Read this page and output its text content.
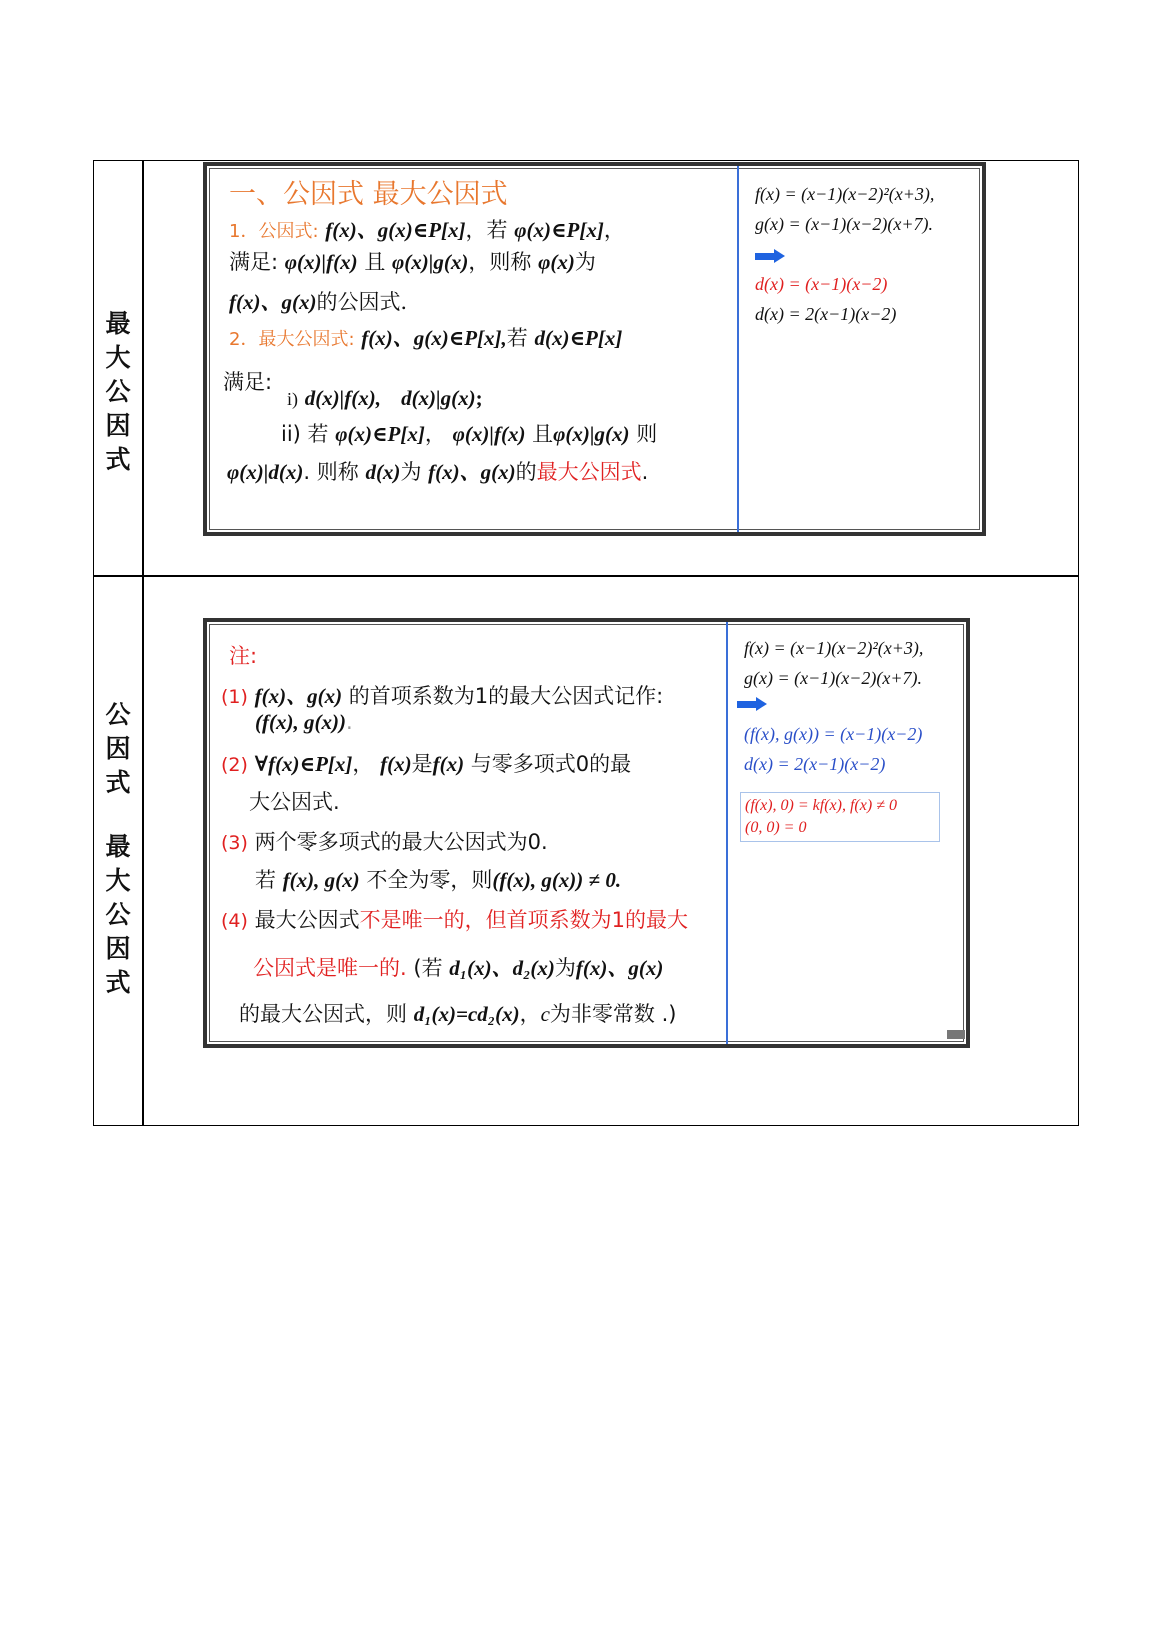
最
大
公
因
式
公
因
式
最
大
公
因
式
一、公因式 最大公因式
1．公因式: f(x)、g(x)∈P[x]，若 φ(x)∈P[x]，
满足: φ(x)|f(x) 且 φ(x)|g(x)，则称 φ(x)为
f(x)、g(x)的公因式．
2．最大公因式: f(x)、g(x)∈P[x],若 d(x)∈P[x]
满足:
i) d(x)|f(x), d(x)|g(x);
ii) 若 φ(x)∈P[x]， φ(x)|f(x) 且φ(x)|g(x) 则
φ(x)|d(x). 则称 d(x)为 f(x)、g(x)的最大公因式.
f(x) = (x−1)(x−2)²(x+3),
g(x) = (x−1)(x−2)(x+7).
d(x) = (x−1)(x−2)
d(x) = 2(x−1)(x−2)
注:
(1) f(x)、g(x) 的首项系数为1的最大公因式记作:
(f(x), g(x)).
(2) ∀f(x)∈P[x]， f(x)是f(x) 与零多项式0的最
大公因式.
(3) 两个零多项式的最大公因式为0.
若 f(x), g(x) 不全为零，则(f(x), g(x)) ≠ 0.
(4) 最大公因式不是唯一的，但首项系数为1的最大
公因式是唯一的. (若 d₁(x)、d₂(x)为f(x)、g(x)
的最大公因式，则 d₁(x)=cd₂(x)，c为非零常数 .)
f(x) = (x−1)(x−2)²(x+3),
g(x) = (x−1)(x−2)(x+7).
(f(x), g(x)) = (x−1)(x−2)
d(x) = 2(x−1)(x−2)
(f(x), 0) = kf(x), f(x) ≠ 0
(0, 0) = 0
